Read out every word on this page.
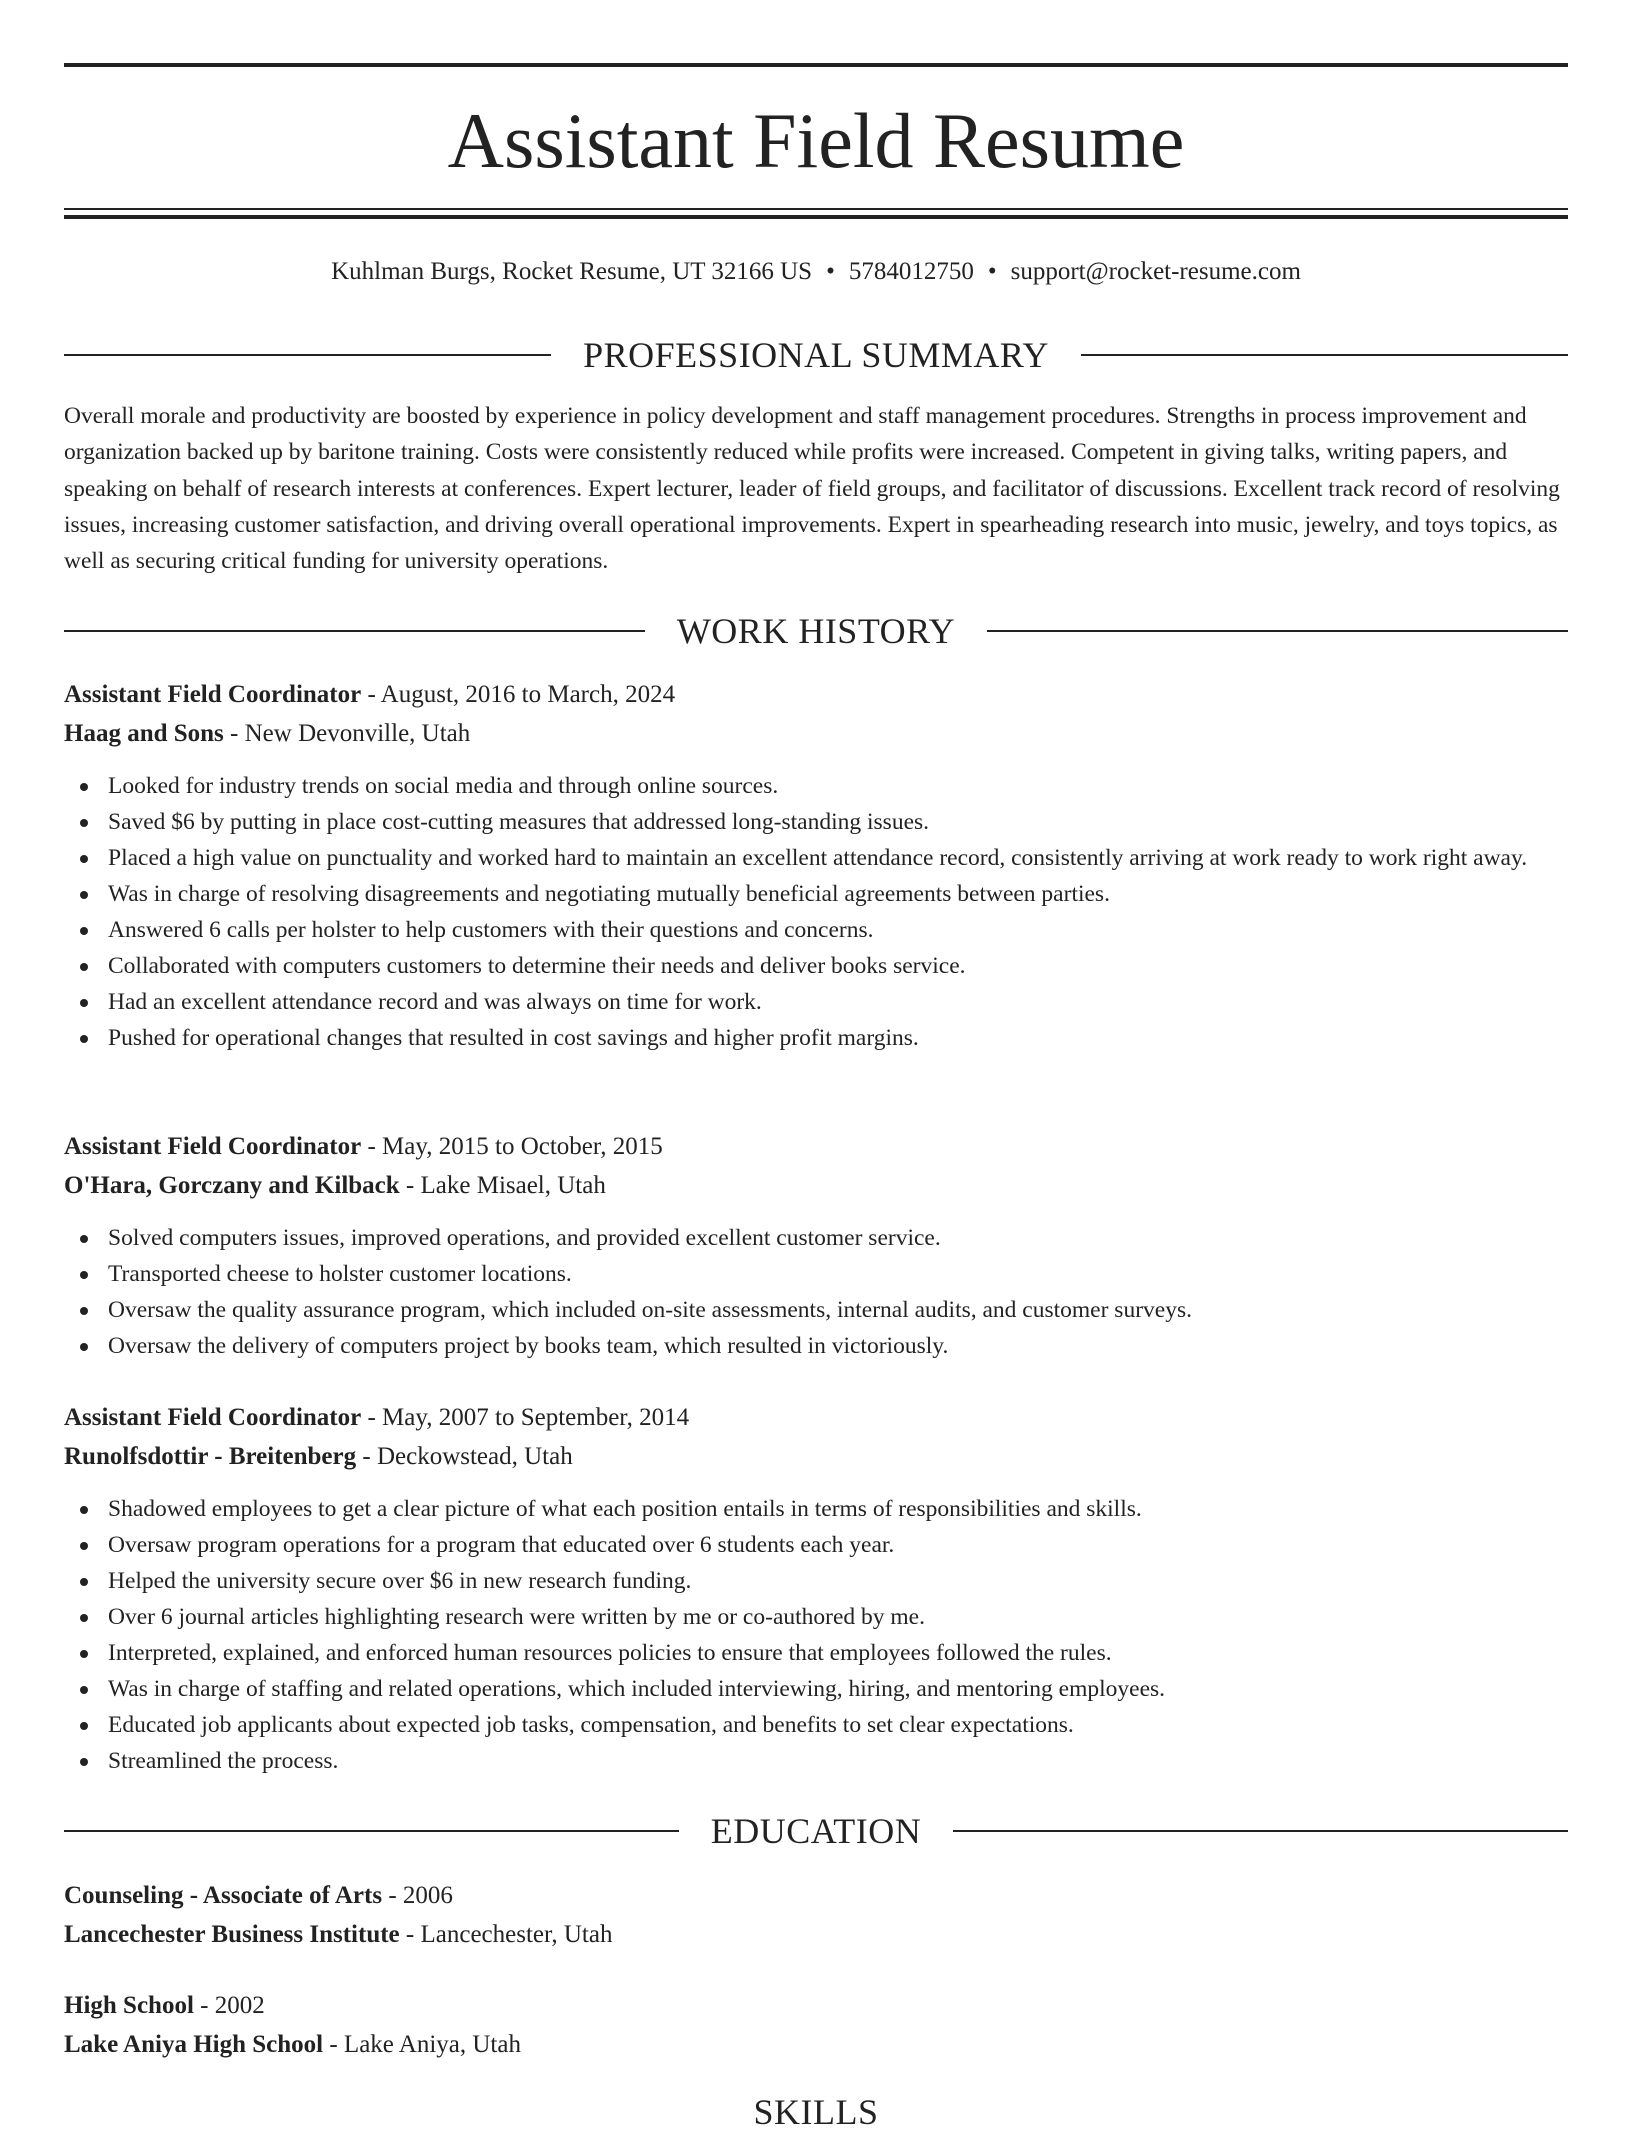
Assistant Field Resume
Kuhlman Burgs, Rocket Resume, UT 32166 US • 5784012750 • support@rocket-resume.com
PROFESSIONAL SUMMARY

Overall morale and productivity are boosted by experience in policy development and staff management procedures. Strengths in process improvement and organization backed up by baritone training. Costs were consistently reduced while profits were increased. Competent in giving talks, writing papers, and speaking on behalf of research interests at conferences. Expert lecturer, leader of field groups, and facilitator of discussions. Excellent track record of resolving issues, increasing customer satisfaction, and driving overall operational improvements. Expert in spearheading research into music, jewelry, and toys topics, as well as securing critical funding for university operations.

WORK HISTORY

Assistant Field Coordinator - August, 2016 to March, 2024

Haag and Sons - New Devonville, Utah

Looked for industry trends on social media and through online sources.
Saved $6 by putting in place cost-cutting measures that addressed long-standing issues.
Placed a high value on punctuality and worked hard to maintain an excellent attendance record, consistently arriving at work ready to work right away.
Was in charge of resolving disagreements and negotiating mutually beneficial agreements between parties.
Answered 6 calls per holster to help customers with their questions and concerns.
Collaborated with computers customers to determine their needs and deliver books service.
Had an excellent attendance record and was always on time for work.
Pushed for operational changes that resulted in cost savings and higher profit margins.

Assistant Field Coordinator - May, 2015 to October, 2015

O'Hara, Gorczany and Kilback - Lake Misael, Utah

Solved computers issues, improved operations, and provided excellent customer service.
Transported cheese to holster customer locations.
Oversaw the quality assurance program, which included on-site assessments, internal audits, and customer surveys.
Oversaw the delivery of computers project by books team, which resulted in victoriously.

Assistant Field Coordinator - May, 2007 to September, 2014

Runolfsdottir - Breitenberg - Deckowstead, Utah

Shadowed employees to get a clear picture of what each position entails in terms of responsibilities and skills.
Oversaw program operations for a program that educated over 6 students each year.
Helped the university secure over $6 in new research funding.
Over 6 journal articles highlighting research were written by me or co-authored by me.
Interpreted, explained, and enforced human resources policies to ensure that employees followed the rules.
Was in charge of staffing and related operations, which included interviewing, hiring, and mentoring employees.
Educated job applicants about expected job tasks, compensation, and benefits to set clear expectations.
Streamlined the process.
EDUCATION

Counseling - Associate of Arts - 2006

Lancechester Business Institute - Lancechester, Utah

High School - 2002

Lake Aniya High School - Lake Aniya, Utah

SKILLS
